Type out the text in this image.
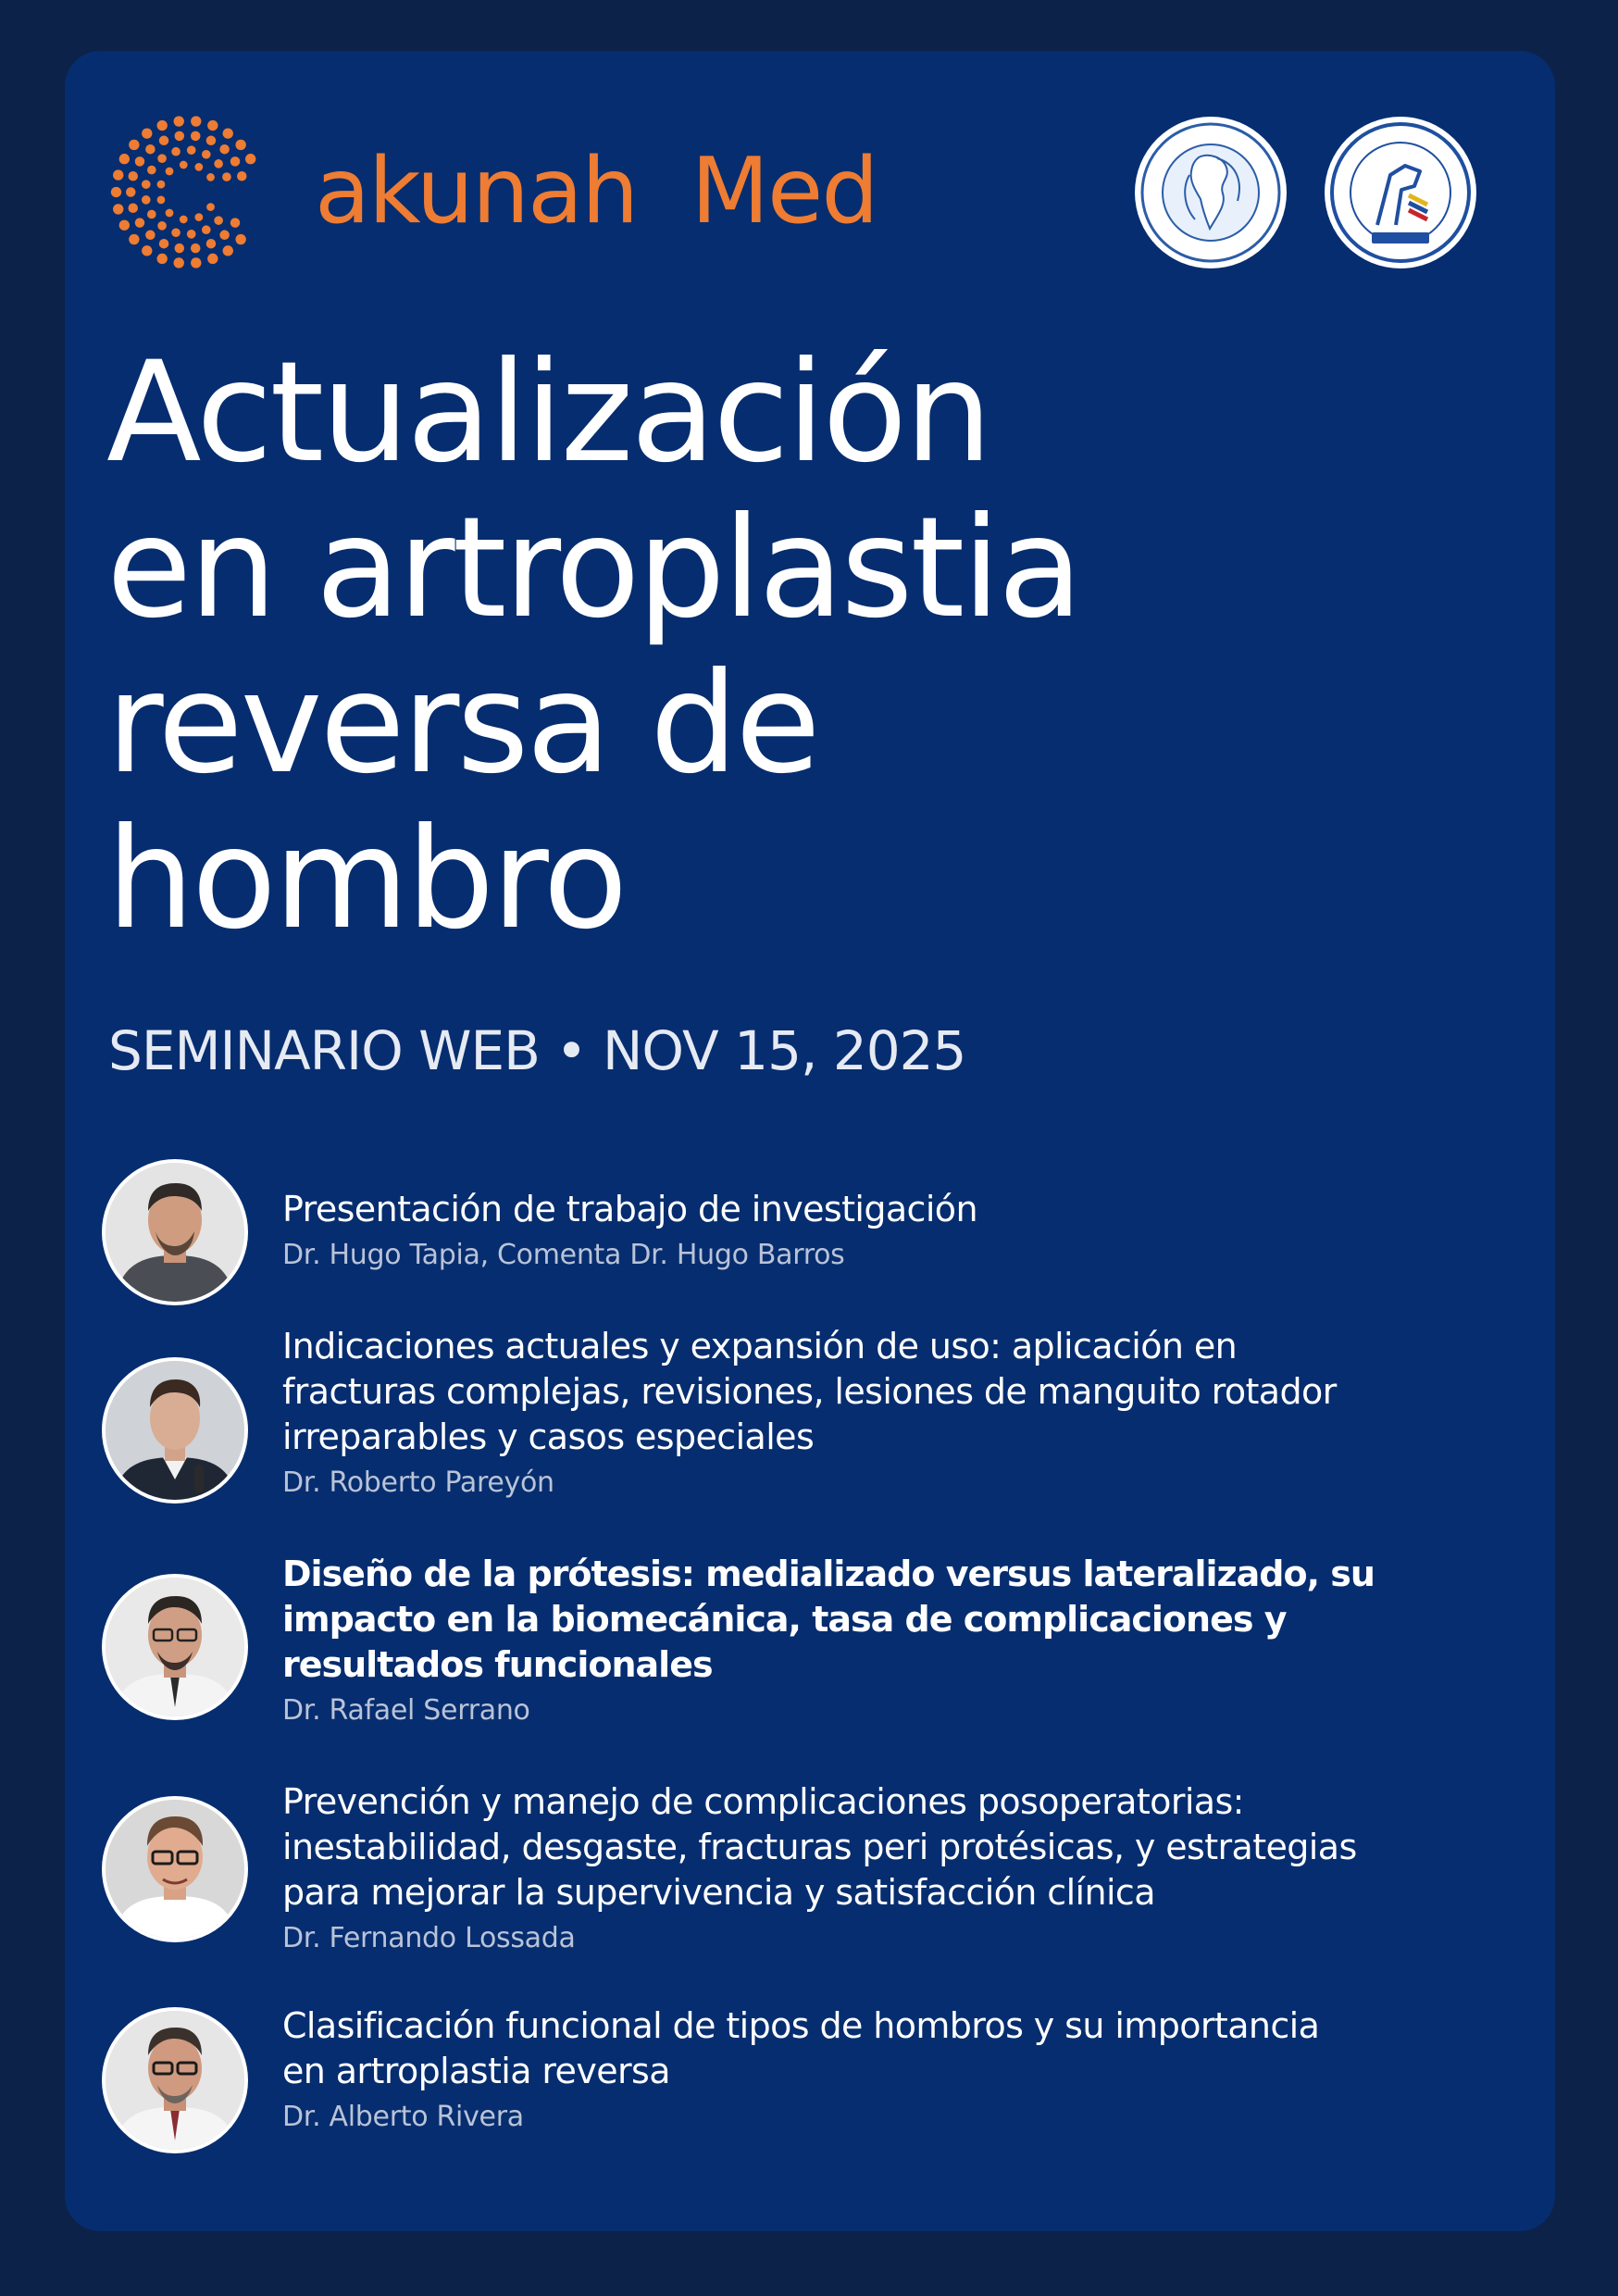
akunah  Med
Actualización
en artroplastia
reversa de
hombro
SEMINARIO WEB • NOV 15, 2025
Presentación de trabajo de investigación
Dr. Hugo Tapia, Comenta Dr. Hugo Barros
Indicaciones actuales y expansión de uso: aplicación en
fracturas complejas, revisiones, lesiones de manguito rotador
irreparables y casos especiales
Dr. Roberto Pareyón
Diseño de la prótesis: medializado versus lateralizado, su
impacto en la biomecánica, tasa de complicaciones y
resultados funcionales
Dr. Rafael Serrano
Prevención y manejo de complicaciones posoperatorias:
inestabilidad, desgaste, fracturas peri protésicas, y estrategias
para mejorar la supervivencia y satisfacción clínica
Dr. Fernando Lossada
Clasificación funcional de tipos de hombros y su importancia
en artroplastia reversa
Dr. Alberto Rivera
